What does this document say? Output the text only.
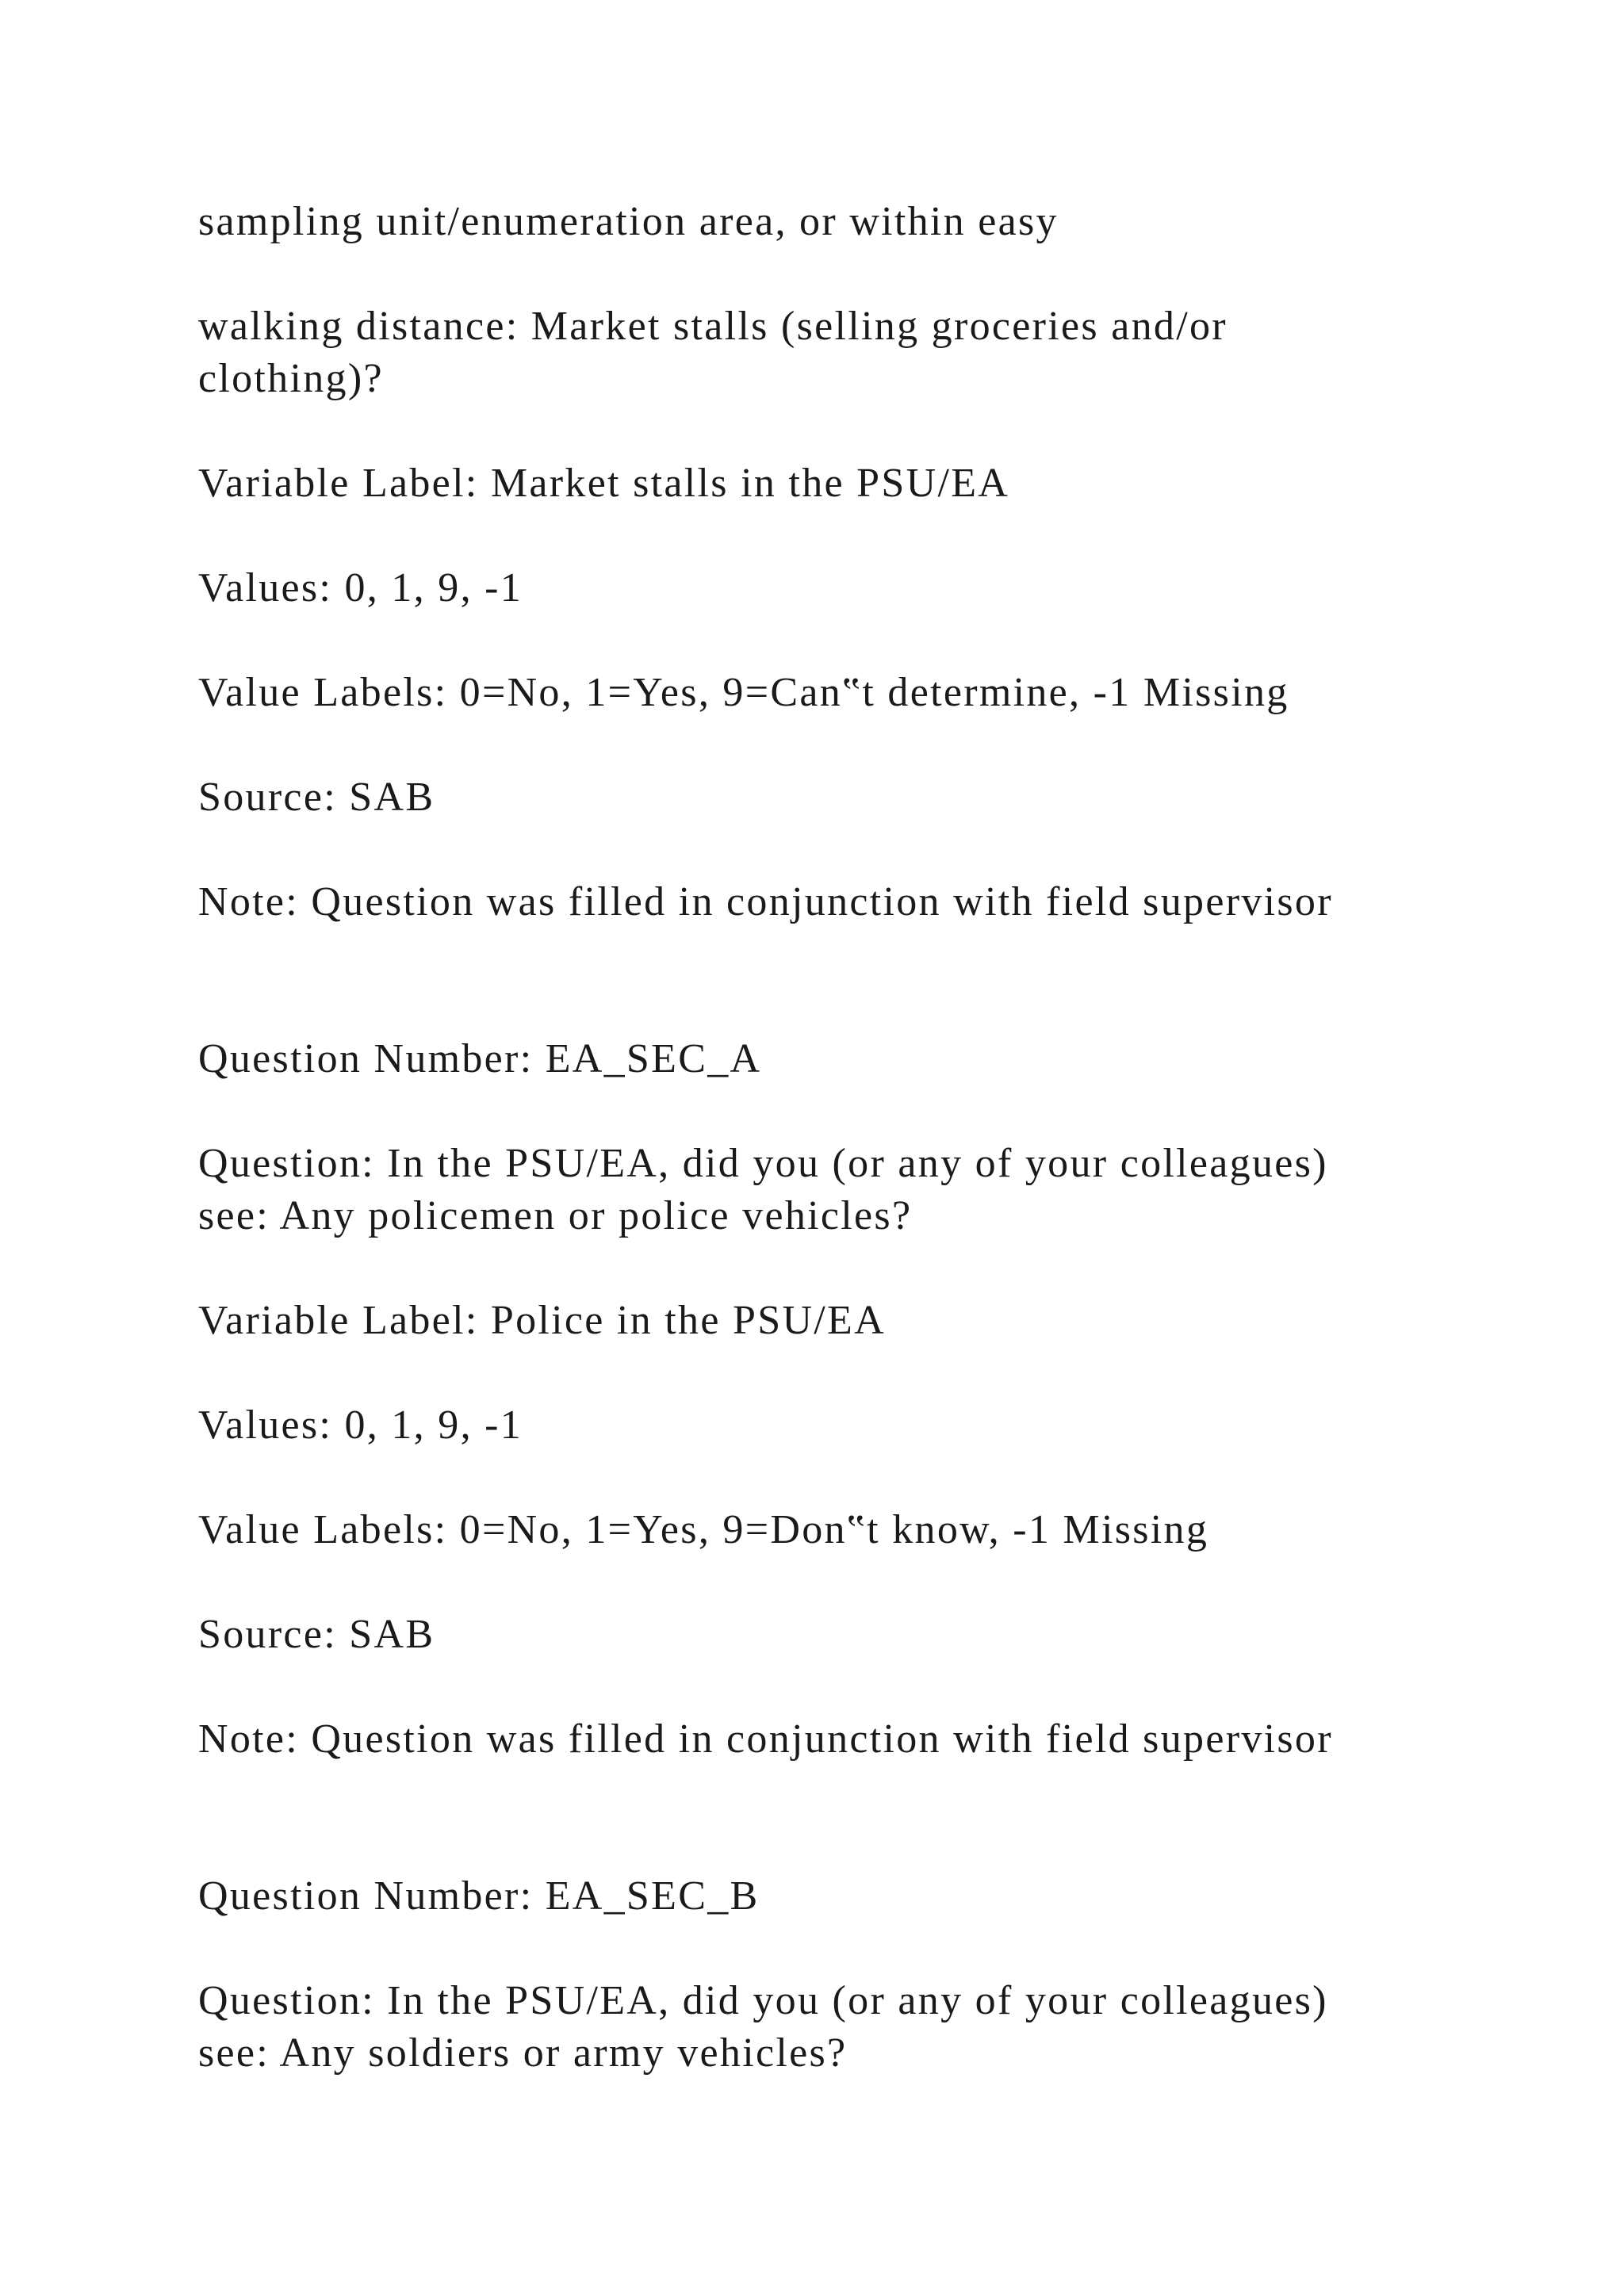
sampling unit/enumeration area, or within easy

walking distance: Market stalls (selling groceries and/or

clothing)?

Variable Label: Market stalls in the PSU/EA

Values: 0, 1, 9, -1

Value Labels: 0=No, 1=Yes, 9=Can‟t determine, -1 Missing

Source: SAB

Note: Question was filled in conjunction with field supervisor

Question Number: EA_SEC_A

Question: In the PSU/EA, did you (or any of your colleagues)

see: Any policemen or police vehicles?

Variable Label: Police in the PSU/EA

Values: 0, 1, 9, -1

Value Labels: 0=No, 1=Yes, 9=Don‟t know, -1 Missing

Source: SAB

Note: Question was filled in conjunction with field supervisor

Question Number: EA_SEC_B

Question: In the PSU/EA, did you (or any of your colleagues)

see: Any soldiers or army vehicles?
